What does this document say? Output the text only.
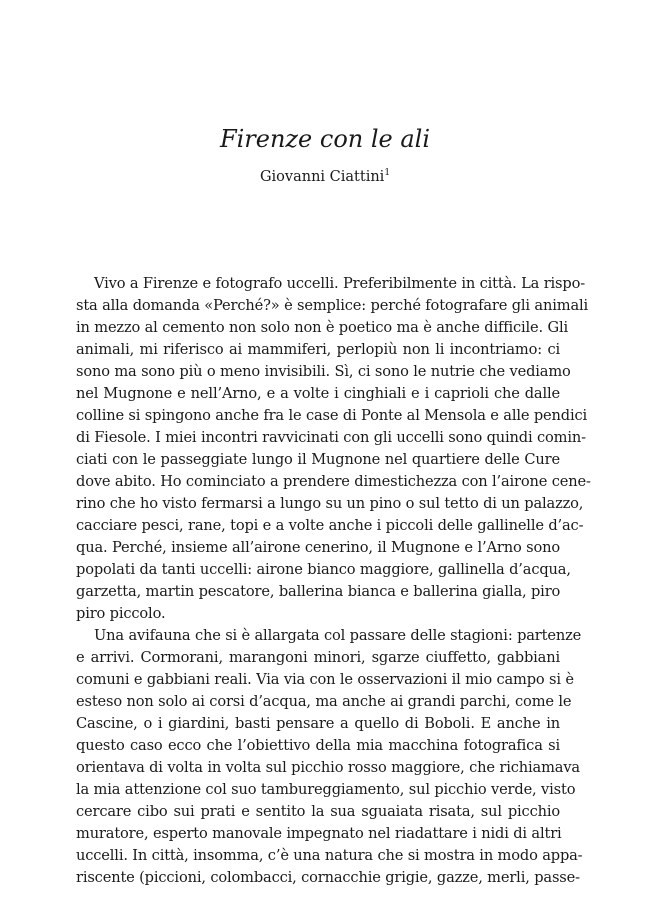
Firenze con le ali
Giovanni Ciattini$^1$
Vivo a Firenze e fotografo uccelli. Preferibilmente in città. La rispo-
sta alla domanda «Perché?» è semplice: perché fotografare gli animali
in mezzo al cemento non solo non è poetico ma è anche difficile. Gli
animali, mi riferisco ai mammiferi, perlopiù non li incontriamo: ci
sono ma sono più o meno invisibili. Sì, ci sono le nutrie che vediamo
nel Mugnone e nell’Arno, e a volte i cinghiali e i caprioli che dalle
colline si spingono anche fra le case di Ponte al Mensola e alle pendici
di Fiesole. I miei incontri ravvicinati con gli uccelli sono quindi comin-
ciati con le passeggiate lungo il Mugnone nel quartiere delle Cure
dove abito. Ho cominciato a prendere dimestichezza con l’airone cene-
rino che ho visto fermarsi a lungo su un pino o sul tetto di un palazzo,
cacciare pesci, rane, topi e a volte anche i piccoli delle gallinelle d’ac-
qua. Perché, insieme all’airone cenerino, il Mugnone e l’Arno sono
popolati da tanti uccelli: airone bianco maggiore, gallinella d’acqua,
garzetta, martin pescatore, ballerina bianca e ballerina gialla, piro
piro piccolo.
Una avifauna che si è allargata col passare delle stagioni: partenze
e arrivi. Cormorani, marangoni minori, sgarze ciuffetto, gabbiani
comuni e gabbiani reali. Via via con le osservazioni il mio campo si è
esteso non solo ai corsi d’acqua, ma anche ai grandi parchi, come le
Cascine, o i giardini, basti pensare a quello di Boboli. E anche in
questo caso ecco che l’obiettivo della mia macchina fotografica si
orientava di volta in volta sul picchio rosso maggiore, che richiamava
la mia attenzione col suo tambureggiamento, sul picchio verde, visto
cercare cibo sui prati e sentito la sua sguaiata risata, sul picchio
muratore, esperto manovale impegnato nel riadattare i nidi di altri
uccelli. In città, insomma, c’è una natura che si mostra in modo appa-
riscente (piccioni, colombacci, cornacchie grigie, gazze, merli, passe-
